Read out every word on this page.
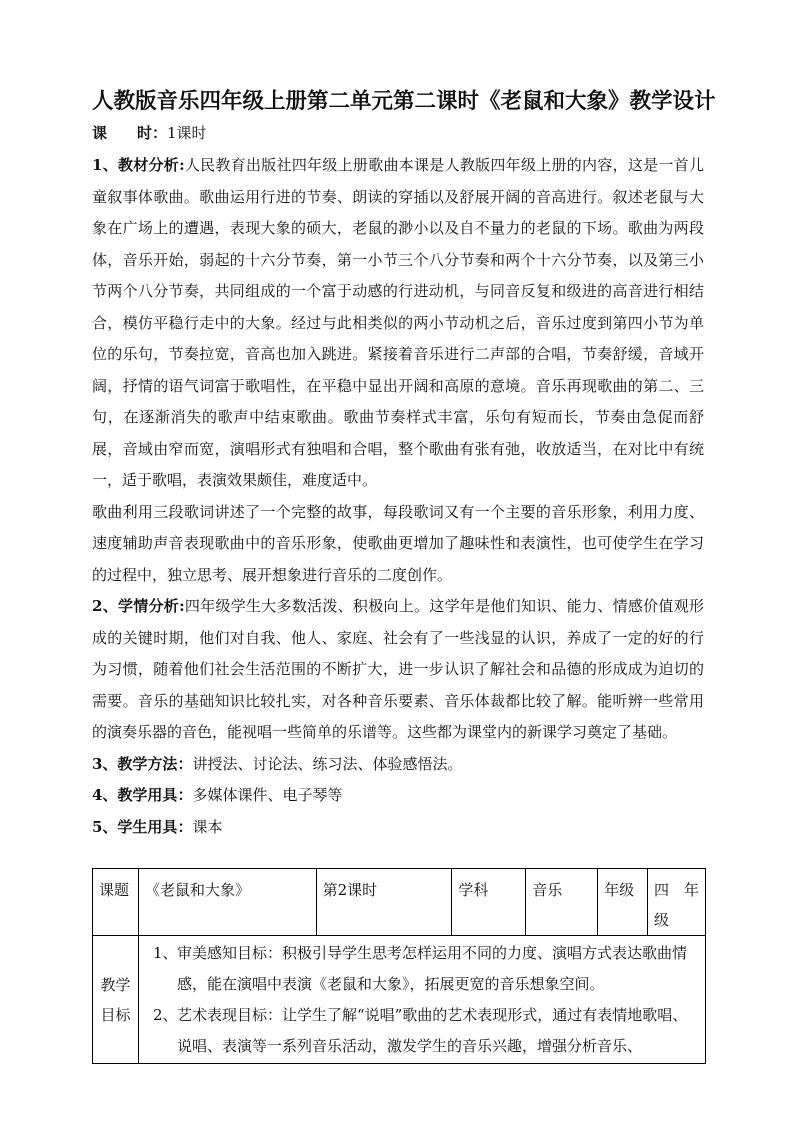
人教版音乐四年级上册第二单元第二课时《老鼠和大象》教学设计
课　　时：1课时

1、教材分析:人民教育出版社四年级上册歌曲本课是人教版四年级上册的内容，这是一首儿童叙事体歌曲。歌曲运用行进的节奏、朗读的穿插以及舒展开阔的音高进行。叙述老鼠与大象在广场上的遭遇，表现大象的硕大，老鼠的渺小以及自不量力的老鼠的下场。歌曲为两段体，音乐开始，弱起的十六分节奏，第一小节三个八分节奏和两个十六分节奏，以及第三小节两个八分节奏，共同组成的一个富于动感的行进动机，与同音反复和级进的高音进行相结合，模仿平稳行走中的大象。经过与此相类似的两小节动机之后，音乐过度到第四小节为单位的乐句，节奏拉宽，音高也加入跳进。紧接着音乐进行二声部的合唱，节奏舒缓，音域开阔，抒情的语气词富于歌唱性，在平稳中显出开阔和高原的意境。音乐再现歌曲的第二、三句，在逐渐消失的歌声中结束歌曲。歌曲节奏样式丰富，乐句有短而长，节奏由急促而舒展，音域由窄而宽，演唱形式有独唱和合唱，整个歌曲有张有弛，收放适当，在对比中有统一，适于歌唱，表演效果颇佳，难度适中。

歌曲利用三段歌词讲述了一个完整的故事，每段歌词又有一个主要的音乐形象，利用力度、速度辅助声音表现歌曲中的音乐形象，使歌曲更增加了趣味性和表演性，也可使学生在学习的过程中，独立思考、展开想象进行音乐的二度创作。

2、学情分析:四年级学生大多数活泼、积极向上。这学年是他们知识、能力、情感价值观形成的关键时期，他们对自我、他人、家庭、社会有了一些浅显的认识，养成了一定的好的行为习惯，随着他们社会生活范围的不断扩大，进一步认识了解社会和品德的形成成为迫切的需要。音乐的基础知识比较扎实，对各种音乐要素、音乐体裁都比较了解。能听辨一些常用的演奏乐器的音色，能视唱一些简单的乐谱等。这些都为课堂内的新课学习奠定了基础。

3、教学方法：讲授法、讨论法、练习法、体验感悟法。

4、教学用具：多媒体课件、电子琴等

5、学生用具：课本

课题	《老鼠和大象》	第2课时	学科	音乐	年级	四　年级

教学目标	1、审美感知目标：积极引导学生思考怎样运用不同的力度、演唱方式表达歌曲情感，能在演唱中表演《老鼠和大象》，拓展更宽的音乐想象空间。

2、艺术表现目标：让学生了解“说唱”歌曲的艺术表现形式，通过有表情地歌唱、说唱、表演等一系列音乐活动，激发学生的音乐兴趣，增强分析音乐、					
